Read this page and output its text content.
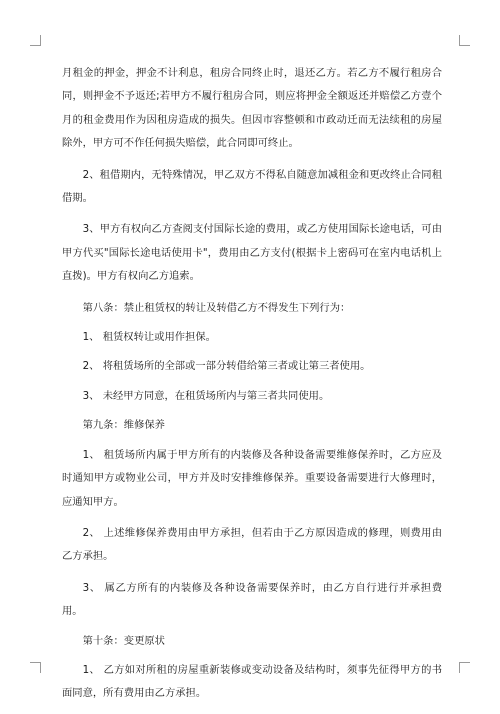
月租金的押金，押金不计利息，租房合同终止时，退还乙方。若乙方不履行租房合同，则押金不予返还;若甲方不履行租房合同，则应将押金全额返还并赔偿乙方壹个月的租金费用作为因租房造成的损失。但因市容整顿和市政动迁而无法续租的房屋除外，甲方可不作任何损失赔偿，此合同即可终止。

2、租借期内，无特殊情况，甲乙双方不得私自随意加减租金和更改终止合同租借期。

3、甲方有权向乙方查阅支付国际长途的费用，或乙方使用国际长途电话，可由甲方代买"国际长途电话使用卡"，费用由乙方支付(根据卡上密码可在室内电话机上直拨)。甲方有权向乙方追索。

第八条：禁止租赁权的转让及转借乙方不得发生下列行为：

1、 租赁权转让或用作担保。

2、 将租赁场所的全部或一部分转借给第三者或让第三者使用。

3、 未经甲方同意，在租赁场所内与第三者共同使用。

第九条：维修保养

1、 租赁场所内属于甲方所有的内装修及各种设备需要维修保养时，乙方应及时通知甲方或物业公司，甲方并及时安排维修保养。重要设备需要进行大修理时，应通知甲方。

2、 上述维修保养费用由甲方承担，但若由于乙方原因造成的修理，则费用由乙方承担。

3、 属乙方所有的内装修及各种设备需要保养时，由乙方自行进行并承担费用。

第十条：变更原状

1、 乙方如对所租的房屋重新装修或变动设备及结构时，须事先征得甲方的书面同意，所有费用由乙方承担。
